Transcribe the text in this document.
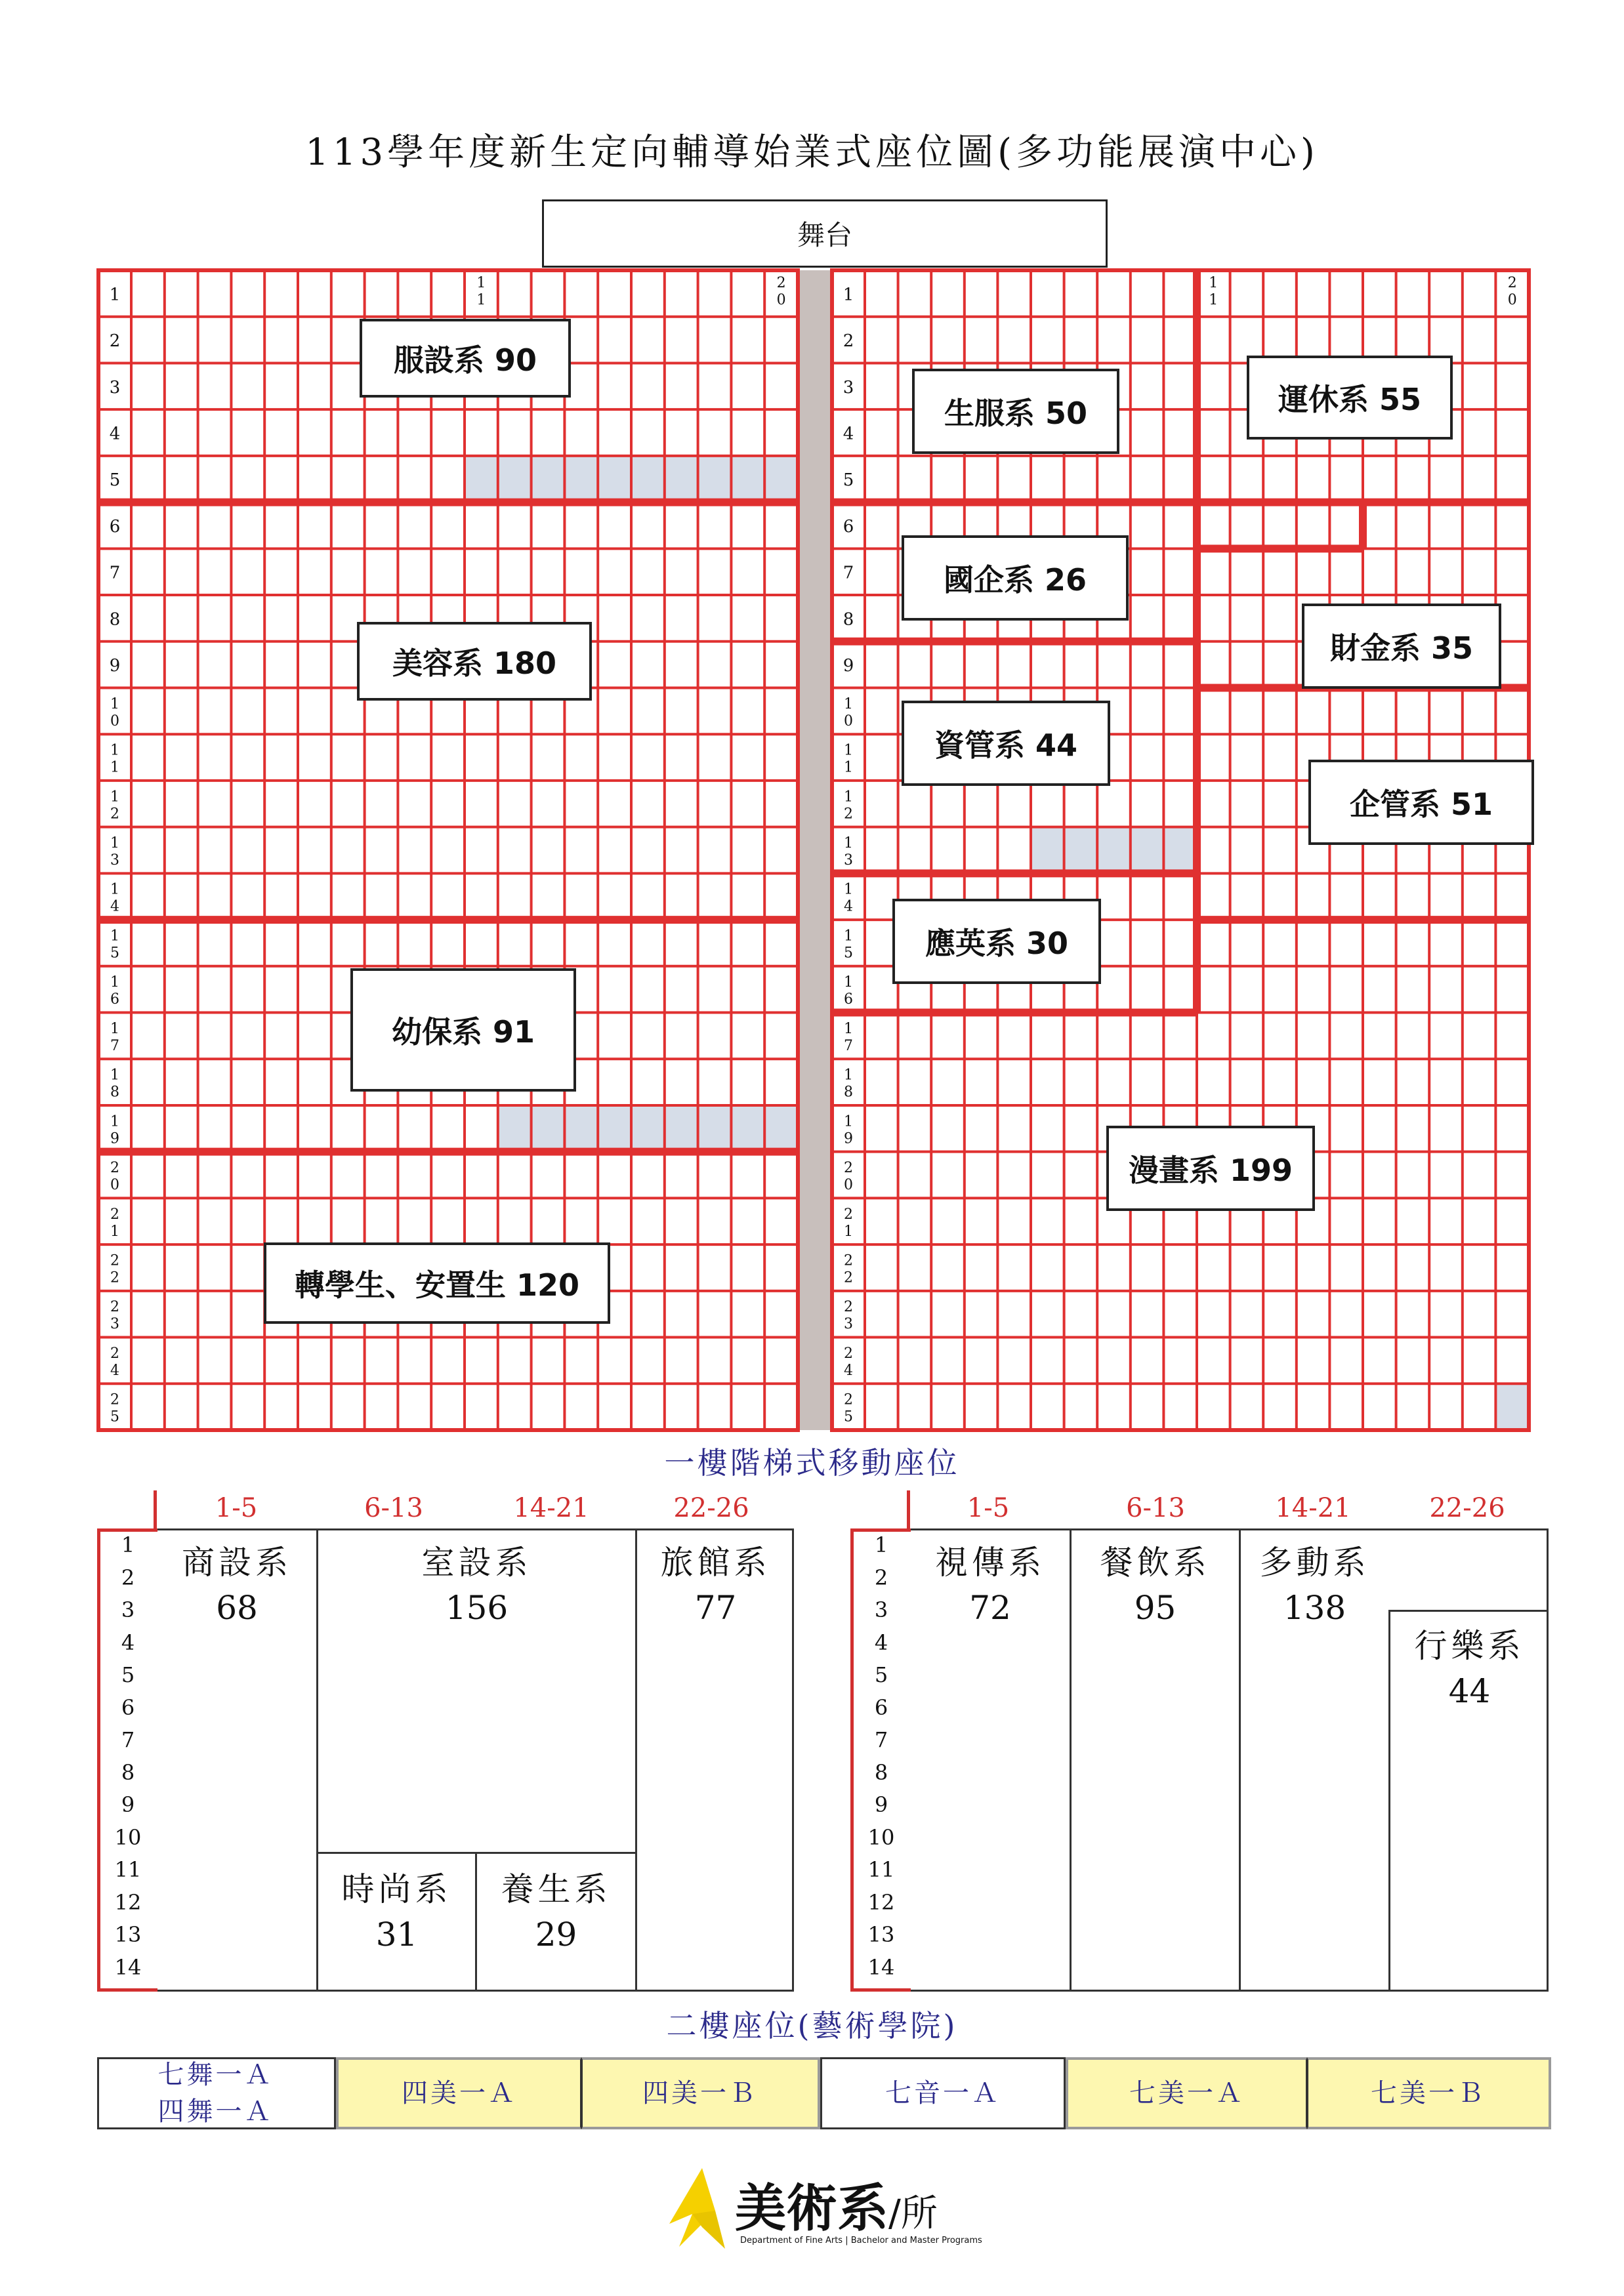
113學年度新生定向輔導始業式座位圖(多功能展演中心)
舞台
1
2
3
4
5
6
7
8
9
1
0
1
1
1
2
1
3
1
4
1
5
1
6
1
7
1
8
1
9
2
0
2
1
2
2
2
3
2
4
2
5
1
1
2
0	1
2
3
4
5
6
7
8
9
1
0
1
1
1
2
1
3
1
4
1
5
1
6
1
7
1
8
1
9
2
0
2
1
2
2
2
3
2
4
2
5
1
1
2
0
服設系 90
美容系 180
幼保系 91
轉學生、安置生 120
生服系 50	運休系 55
國企系 26
財金系 35
資管系 44
企管系 51
應英系 30
漫畫系 199
一樓階梯式移動座位
1-5	6-13	14-21	22-26	1-5	6-13	14-21	22-26
1
2
3
4
5
6
7
8
9
10
11
12
13
14
1
2
3
4
5
6
7
8
9
10
11
12
13
14
商設系
68
室設系
156
旅館系
77
時尚系
31
養生系
29
視傳系
72
餐飲系
95
多動系
138
行樂系
44
二樓座位(藝術學院)
七舞一Ａ
四舞一Ａ
四美一Ａ	四美一Ｂ	七音一Ａ	七美一Ａ	七美一Ｂ
美術系/所
Department of Fine Arts | Bachelor and Master Programs
